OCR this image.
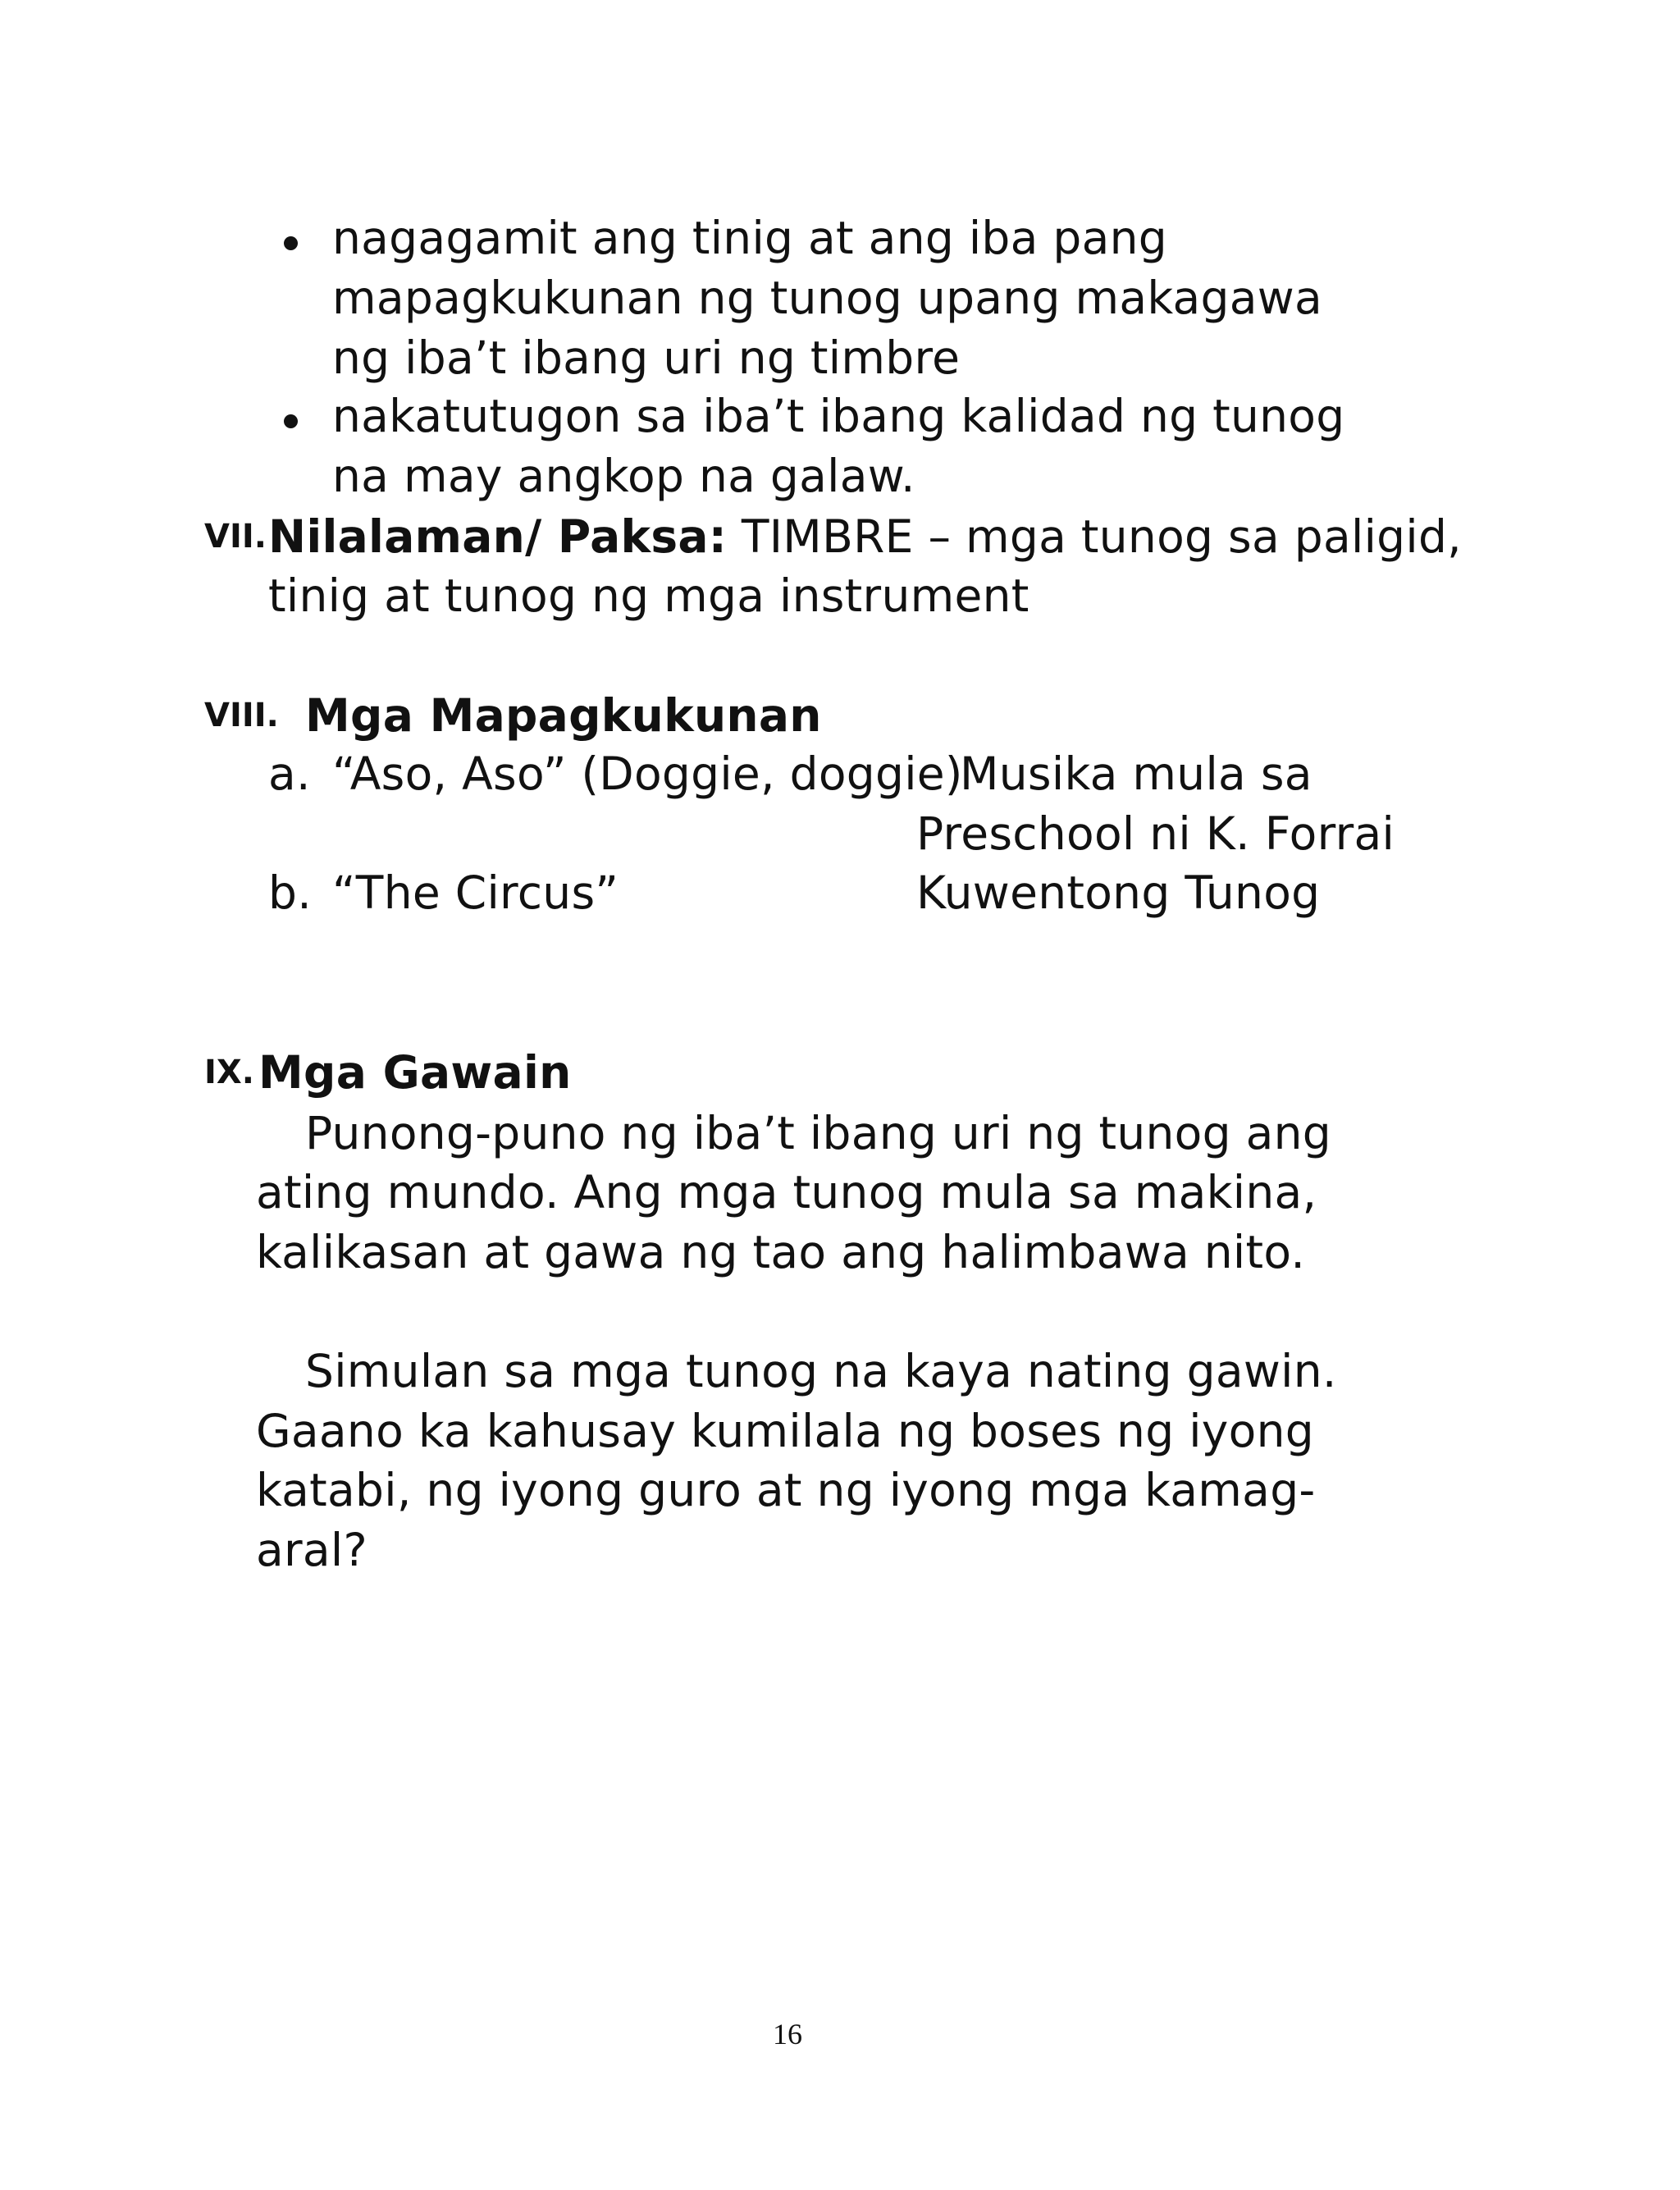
nagagamit ang tinig at ang iba pang
mapagkukunan ng tunog upang makagawa
ng iba’t ibang uri ng timbre
nakatutugon sa iba’t ibang kalidad ng tunog
na may angkop na galaw.
VII. Nilalaman/ Paksa: TIMBRE – mga tunog sa paligid,
tinig at tunog ng mga instrument
VIII. Mga Mapagkukunan
a. “Aso, Aso” (Doggie, doggie)
Musika mula sa
Preschool ni K. Forrai
b. “The Circus”	Kuwentong Tunog
IX. Mga Gawain
Punong-puno ng iba’t ibang uri ng tunog ang
ating mundo. Ang mga tunog mula sa makina,
kalikasan at gawa ng tao ang halimbawa nito.
Simulan sa mga tunog na kaya nating gawin.
Gaano ka kahusay kumilala ng boses ng iyong
katabi, ng iyong guro at ng iyong mga kamag-
aral?
16
